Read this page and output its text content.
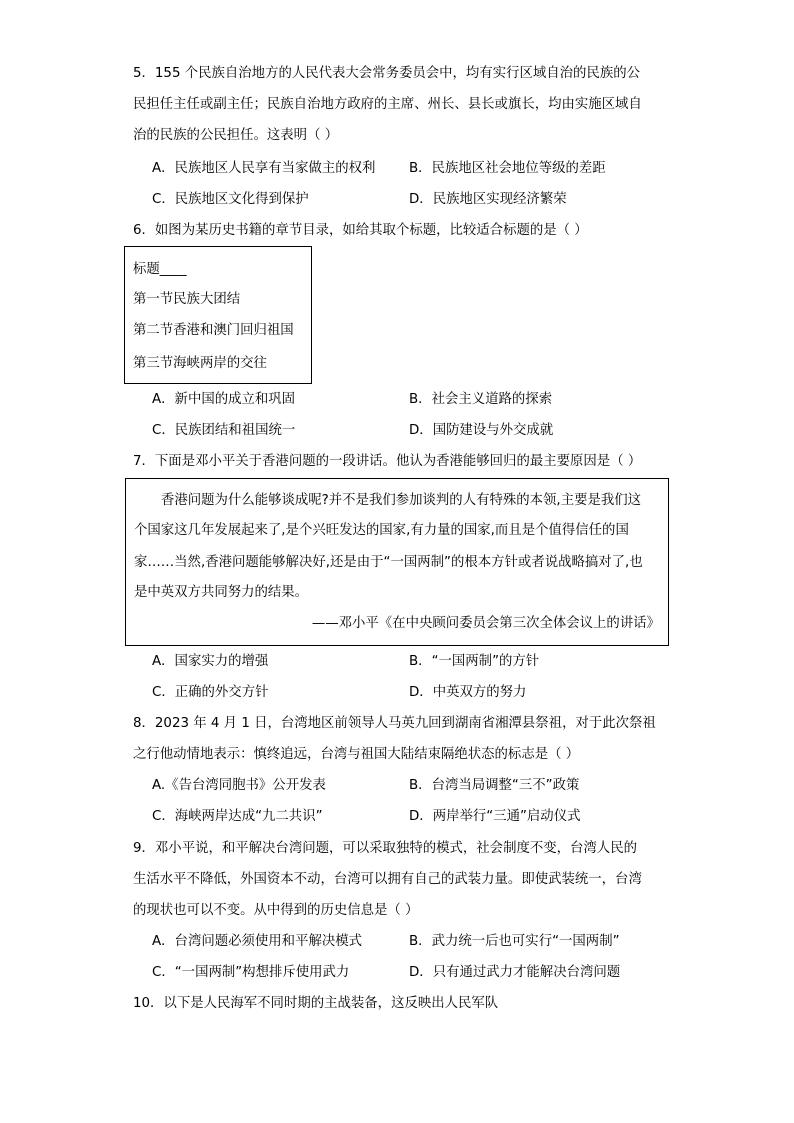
5．155 个民族自治地方的人民代表大会常务委员会中，均有实行区域自治的民族的公
民担任主任或副主任；民族自治地方政府的主席、州长、县长或旗长，均由实施区域自
治的民族的公民担任。这表明（ ）
A．民族地区人民享有当家做主的权利	B．民族地区社会地位等级的差距
C．民族地区文化得到保护	D．民族地区实现经济繁荣
6．如图为某历史书籍的章节目录，如给其取个标题，比较适合标题的是（ ）
标题____
第一节民族大团结
第二节香港和澳门回归祖国
第三节海峡两岸的交往
A．新中国的成立和巩固	B．社会主义道路的探索
C．民族团结和祖国统一	D．国防建设与外交成就
7．下面是邓小平关于香港问题的一段讲话。他认为香港能够回归的最主要原因是（ ）
香港问题为什么能够谈成呢?并不是我们参加谈判的人有特殊的本领,主要是我们这
个国家这几年发展起来了,是个兴旺发达的国家,有力量的国家,而且是个值得信任的国
家……当然,香港问题能够解决好,还是由于“一国两制”的根本方针或者说战略搞对了,也
是中英双方共同努力的结果。
——邓小平《在中央顾问委员会第三次全体会议上的讲话》
A．国家实力的增强	B．“一国两制”的方针
C．正确的外交方针	D．中英双方的努力
8．2023 年 4 月 1 日，台湾地区前领导人马英九回到湖南省湘潭县祭祖，对于此次祭祖
之行他动情地表示：慎终追远，台湾与祖国大陆结束隔绝状态的标志是（ ）
A.《告台湾同胞书》公开发表	B．台湾当局调整“三不”政策
C．海峡两岸达成“九二共识”	D．两岸举行“三通”启动仪式
9．邓小平说，和平解决台湾问题，可以采取独特的模式，社会制度不变，台湾人民的
生活水平不降低，外国资本不动，台湾可以拥有自己的武装力量。即使武装统一，台湾
的现状也可以不变。从中得到的历史信息是（ ）
A．台湾问题必须使用和平解决模式	B．武力统一后也可实行“一国两制”
C．“一国两制”构想排斥使用武力	D．只有通过武力才能解决台湾问题
10．以下是人民海军不同时期的主战装备，这反映出人民军队
